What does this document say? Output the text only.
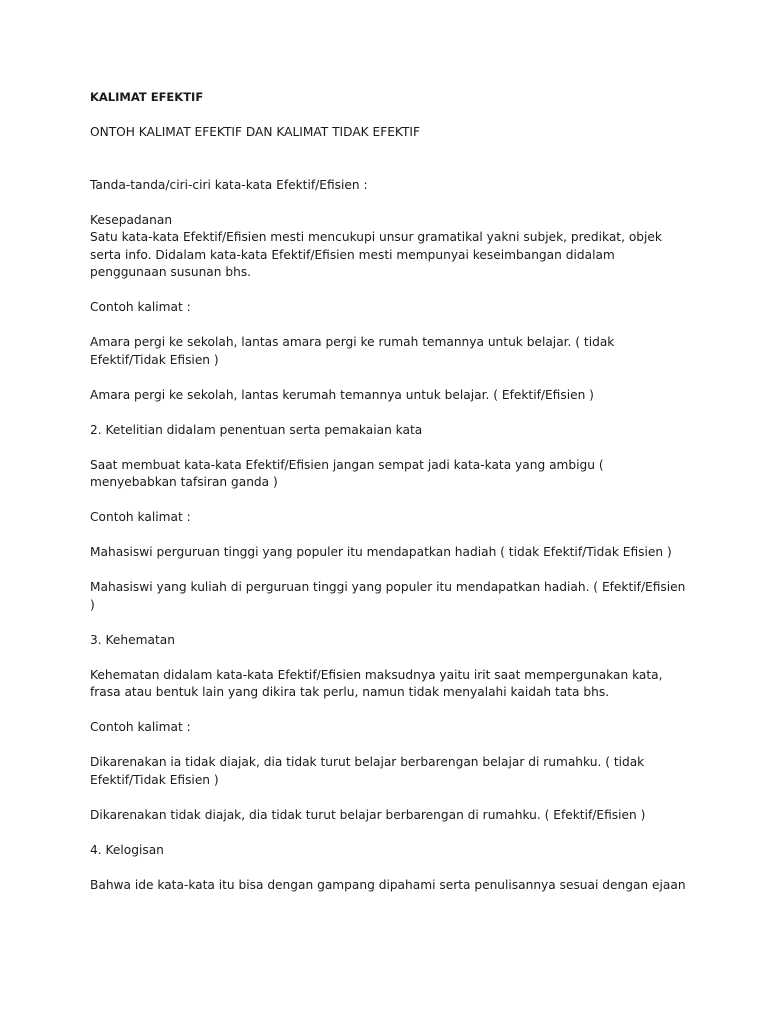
KALIMAT EFEKTIF
ONTOH KALIMAT EFEKTIF DAN KALIMAT TIDAK EFEKTIF
Tanda-tanda/ciri-ciri kata-kata Efektif/Efisien :
Kesepadanan
Satu kata-kata Efektif/Efisien mesti mencukupi unsur gramatikal yakni subjek, predikat, objek serta info. Didalam kata-kata Efektif/Efisien mesti mempunyai keseimbangan didalam penggunaan susunan bhs.
Contoh kalimat :
Amara pergi ke sekolah, lantas amara pergi ke rumah temannya untuk belajar. ( tidak Efektif/Tidak Efisien )
Amara pergi ke sekolah, lantas kerumah temannya untuk belajar. ( Efektif/Efisien )
2. Ketelitian didalam penentuan serta pemakaian kata
Saat membuat kata-kata Efektif/Efisien jangan sempat jadi kata-kata yang ambigu ( menyebabkan tafsiran ganda )
Contoh kalimat :
Mahasiswi perguruan tinggi yang populer itu mendapatkan hadiah ( tidak Efektif/Tidak Efisien )
Mahasiswi yang kuliah di perguruan tinggi yang populer itu mendapatkan hadiah. ( Efektif/Efisien )
3. Kehematan
Kehematan didalam kata-kata Efektif/Efisien maksudnya yaitu irit saat mempergunakan kata, frasa atau bentuk lain yang dikira tak perlu, namun tidak menyalahi kaidah tata bhs.
Contoh kalimat :
Dikarenakan ia tidak diajak, dia tidak turut belajar berbarengan belajar di rumahku. ( tidak Efektif/Tidak Efisien )
Dikarenakan tidak diajak, dia tidak turut belajar berbarengan di rumahku. ( Efektif/Efisien )
4. Kelogisan
Bahwa ide kata-kata itu bisa dengan gampang dipahami serta penulisannya sesuai dengan ejaan
